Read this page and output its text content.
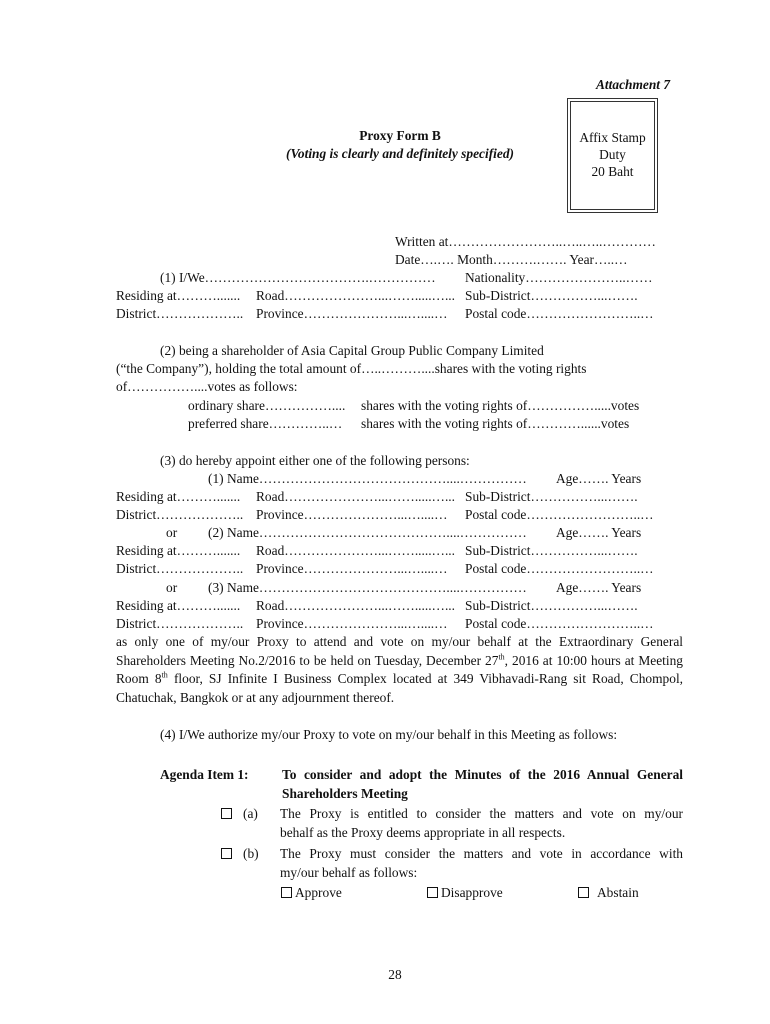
Attachment 7
Affix Stamp
Duty
20 Baht
Proxy Form B
(Voting is clearly and definitely specified)
Written at……………………..…..…..…………
Date….…. Month……….……. Year…..…
(1) I/We……………………………….…………… Nationality…………………..……
Residing at………....... Road…………………...…….....…... Sub-District……………...…….
District……………….. Province…………………...…....… Postal code……………………..…
(2) being a shareholder of Asia Capital Group Public Company Limited
(“the Company”), holding the total amount of…..………....shares with the voting rights
of……………....votes as follows:
ordinary share…………….... shares with the voting rights of…………….....votes
preferred share…………..… shares with the voting rights of…………......votes
(3) do hereby appoint either one of the following persons:
(1) Name……………………………………....…………… Age……. Years
Residing at………....... Road…………………...…….....…... Sub-District……………...…….
District……………….. Province…………………...…....… Postal code……………………..…
or (2) Name……………………………………....…………… Age……. Years
Residing at………....... Road…………………...…….....…... Sub-District……………...…….
District……………….. Province…………………...…....… Postal code……………………..…
or (3) Name……………………………………....…………… Age……. Years
Residing at………....... Road…………………...…….....…... Sub-District……………...…….
District……………….. Province…………………...…....… Postal code……………………..…
as only one of my/our Proxy to attend and vote on my/our behalf at the Extraordinary General Shareholders Meeting No.2/2016 to be held on Tuesday, December 27th, 2016 at 10:00 hours at Meeting Room 8th floor, SJ Infinite I Business Complex located at 349 Vibhavadi-Rang sit Road, Chompol, Chatuchak, Bangkok or at any adjournment thereof.
(4) I/We authorize my/our Proxy to vote on my/our behalf in this Meeting as follows:
Agenda Item 1: To consider and adopt the Minutes of the 2016 Annual General
Shareholders Meeting
(a) The Proxy is entitled to consider the matters and vote on my/our
behalf as the Proxy deems appropriate in all respects.
(b) The Proxy must consider the matters and vote in accordance with
my/our behalf as follows:
Approve	Disapprove	Abstain
28
